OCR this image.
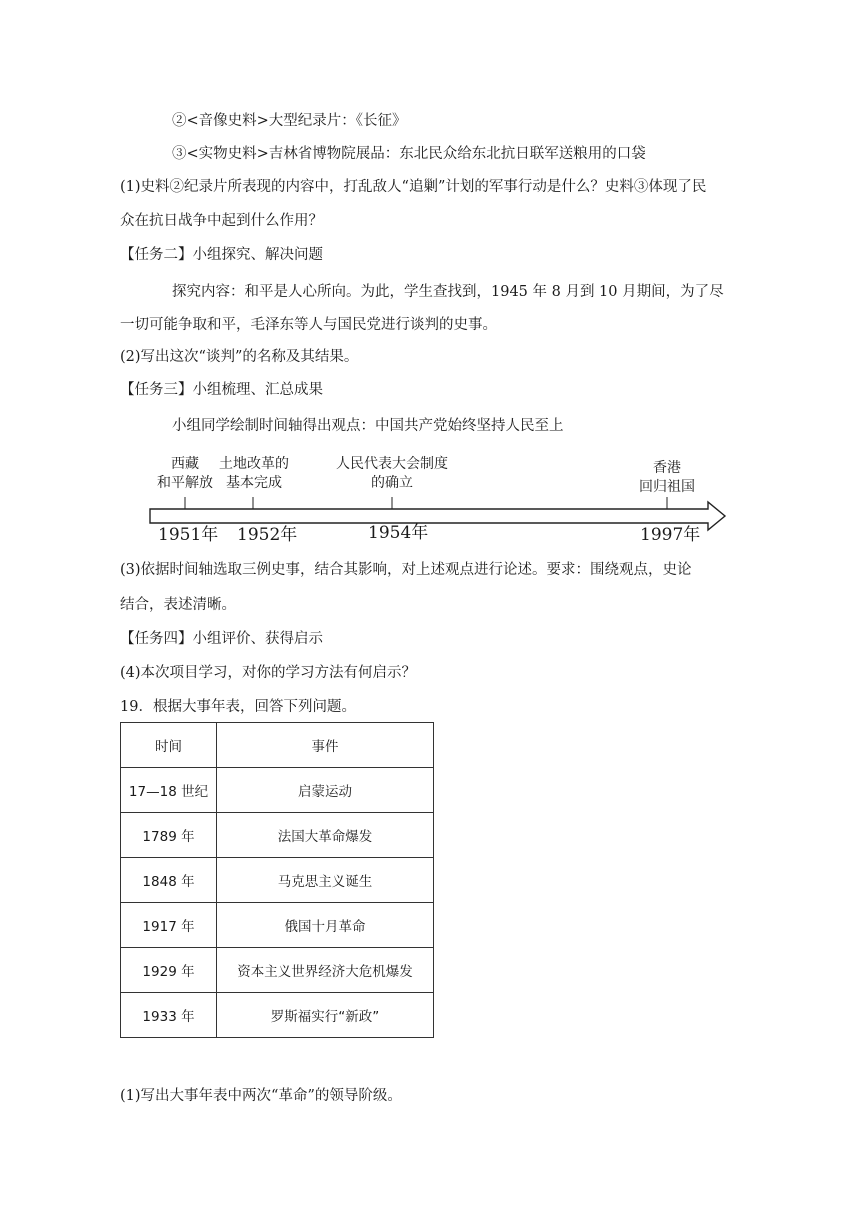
②<音像史料>大型纪录片：《长征》
③<实物史料>吉林省博物院展品：东北民众给东北抗日联军送粮用的口袋
(1)史料②纪录片所表现的内容中，打乱敌人“追剿”计划的军事行动是什么？史料③体现了民
众在抗日战争中起到什么作用？
【任务二】小组探究、解决问题
探究内容：和平是人心所向。为此，学生查找到，1945 年 8 月到 10 月期间，为了尽
一切可能争取和平，毛泽东等人与国民党进行谈判的史事。
(2)写出这次“谈判”的名称及其结果。
【任务三】小组梳理、汇总成果
小组同学绘制时间轴得出观点：中国共产党始终坚持人民至上
西藏
和平解放
土地改革的
基本完成
人民代表大会制度
的确立
香港
回归祖国
1951年 1952年	1954年	1997年
(3)依据时间轴选取三例史事，结合其影响，对上述观点进行论述。要求：围绕观点，史论
结合，表述清晰。
【任务四】小组评价、获得启示
(4)本次项目学习，对你的学习方法有何启示？
19．根据大事年表，回答下列问题。
时间	事件
17—18 世纪	启蒙运动
1789 年	法国大革命爆发
1848 年	马克思主义诞生
1917 年	俄国十月革命
1929 年	资本主义世界经济大危机爆发
1933 年	罗斯福实行“新政”
(1)写出大事年表中两次“革命”的领导阶级。
